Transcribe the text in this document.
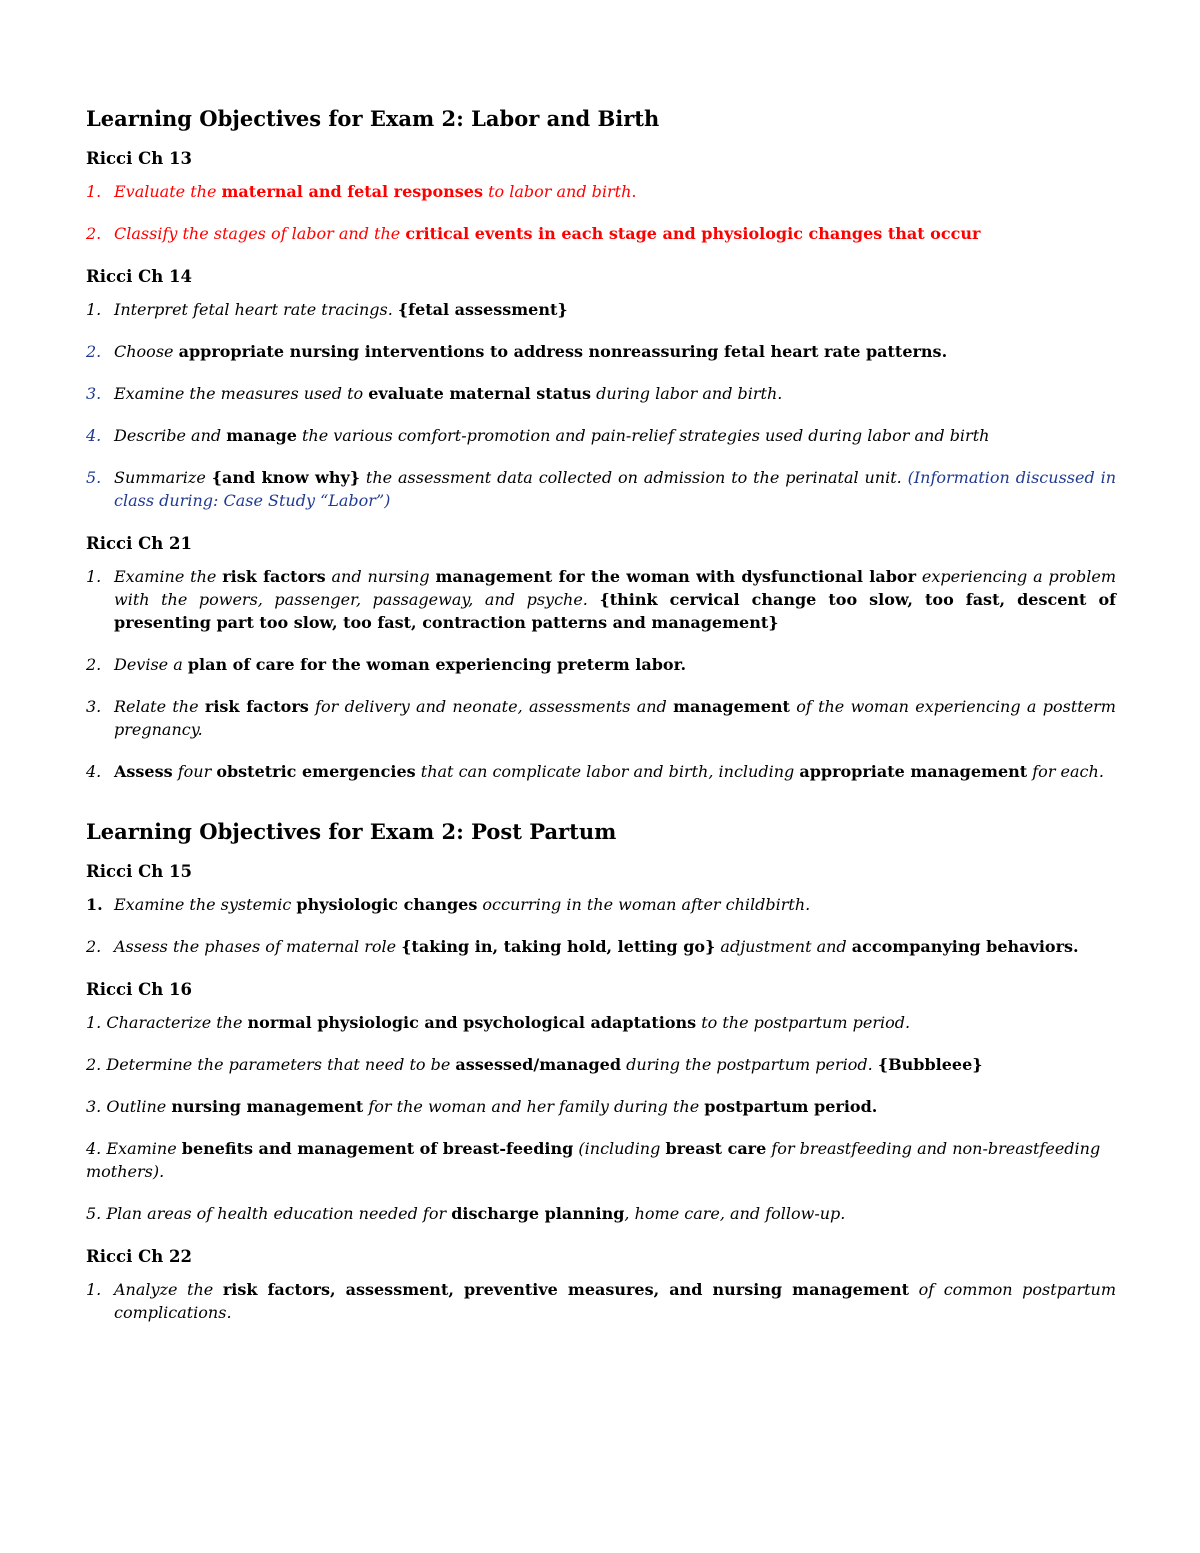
Learning Objectives for Exam 2: Labor and Birth
Ricci Ch 13

1. Evaluate the maternal and fetal responses to labor and birth.

2. Classify the stages of labor and the critical events in each stage and physiologic changes that occur

Ricci Ch 14

1. Interpret fetal heart rate tracings. {fetal assessment}

2. Choose appropriate nursing interventions to address nonreassuring fetal heart rate patterns.

3. Examine the measures used to evaluate maternal status during labor and birth.

4. Describe and manage the various comfort-promotion and pain-relief strategies used during labor and birth

5. Summarize {and know why} the assessment data collected on admission to the perinatal unit. (Information discussed in class during: Case Study “Labor”)

Ricci Ch 21

1. Examine the risk factors and nursing management for the woman with dysfunctional labor experiencing a problem with the powers, passenger, passageway, and psyche. {think cervical change too slow, too fast, descent of presenting part too slow, too fast, contraction patterns and management}

2. Devise a plan of care for the woman experiencing preterm labor.

3. Relate the risk factors for delivery and neonate, assessments and management of the woman experiencing a postterm pregnancy.

4. Assess four obstetric emergencies that can complicate labor and birth, including appropriate management for each.

Learning Objectives for Exam 2: Post Partum
Ricci Ch 15

1. Examine the systemic physiologic changes occurring in the woman after childbirth.

2. Assess the phases of maternal role {taking in, taking hold, letting go} adjustment and accompanying behaviors.

Ricci Ch 16

1. Characterize the normal physiologic and psychological adaptations to the postpartum period.

2. Determine the parameters that need to be assessed/managed during the postpartum period. {Bubbleee}

3. Outline nursing management for the woman and her family during the postpartum period.

4. Examine benefits and management of breast-feeding (including breast care for breastfeeding and non-breastfeeding mothers).

5. Plan areas of health education needed for discharge planning, home care, and follow-up.

Ricci Ch 22

1. Analyze the risk factors, assessment, preventive measures, and nursing management of common postpartum complications.
